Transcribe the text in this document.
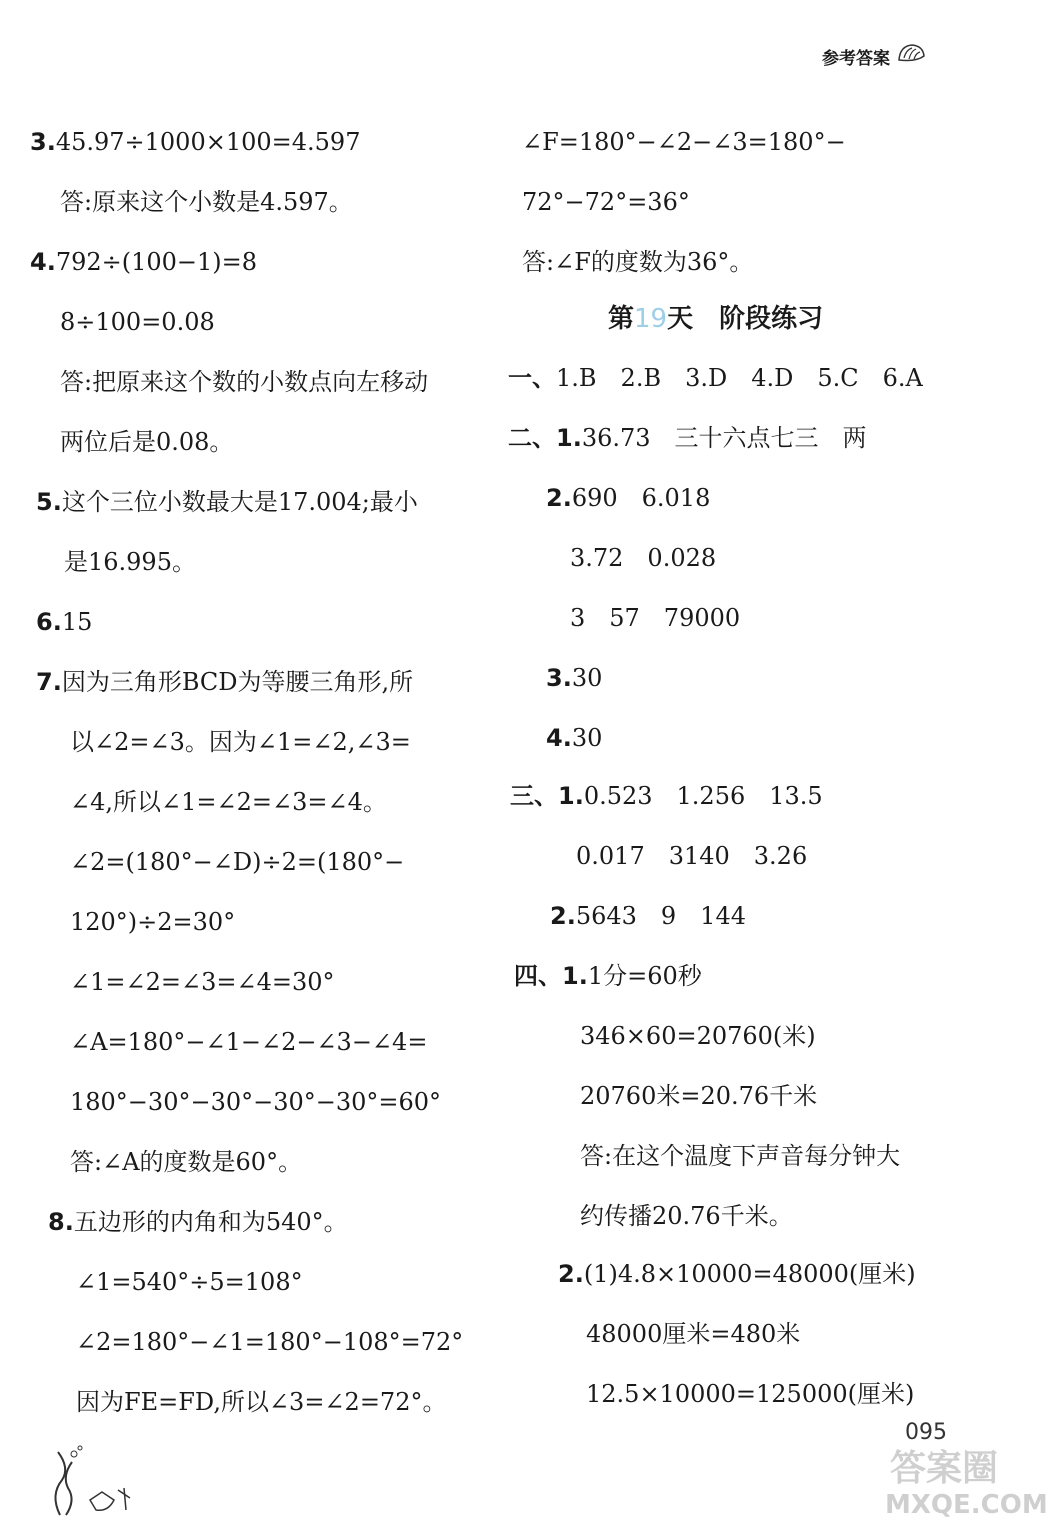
参考答案
3.45.97÷1000×100=4.597
答:原来这个小数是4.597。
4.792÷(100−1)=8
8÷100=0.08
答:把原来这个数的小数点向左移动
两位后是0.08。
5.这个三位小数最大是17.004;最小
是16.995。
6.15
7.因为三角形BCD为等腰三角形,所
以∠2=∠3。因为∠1=∠2,∠3=
∠4,所以∠1=∠2=∠3=∠4。
∠2=(180°−∠D)÷2=(180°−
120°)÷2=30°
∠1=∠2=∠3=∠4=30°
∠A=180°−∠1−∠2−∠3−∠4=
180°−30°−30°−30°−30°=60°
答:∠A的度数是60°。
8.五边形的内角和为540°。
∠1=540°÷5=108°
∠2=180°−∠1=180°−108°=72°
因为FE=FD,所以∠3=∠2=72°。
∠F=180°−∠2−∠3=180°−
72°−72°=36°
答:∠F的度数为36°。
第19天　阶段练习
一、1.B　 2.B　 3.D　 4.D　 5.C　 6.A
二、1.36.73　三十六点七三　两
2.690　6.018
3.72　0.028
3　57　79000
3.30
4.30
三、1.0.523　1.256　13.5
0.017　3140　3.26
2.5643　9　144
四、1.1分=60秒
346×60=20760(米)
20760米=20.76千米
答:在这个温度下声音每分钟大
约传播20.76千米。
2.(1)4.8×10000=48000(厘米)
48000厘米=480米
12.5×10000=125000(厘米)
095
答案圈
MXQE.COM
